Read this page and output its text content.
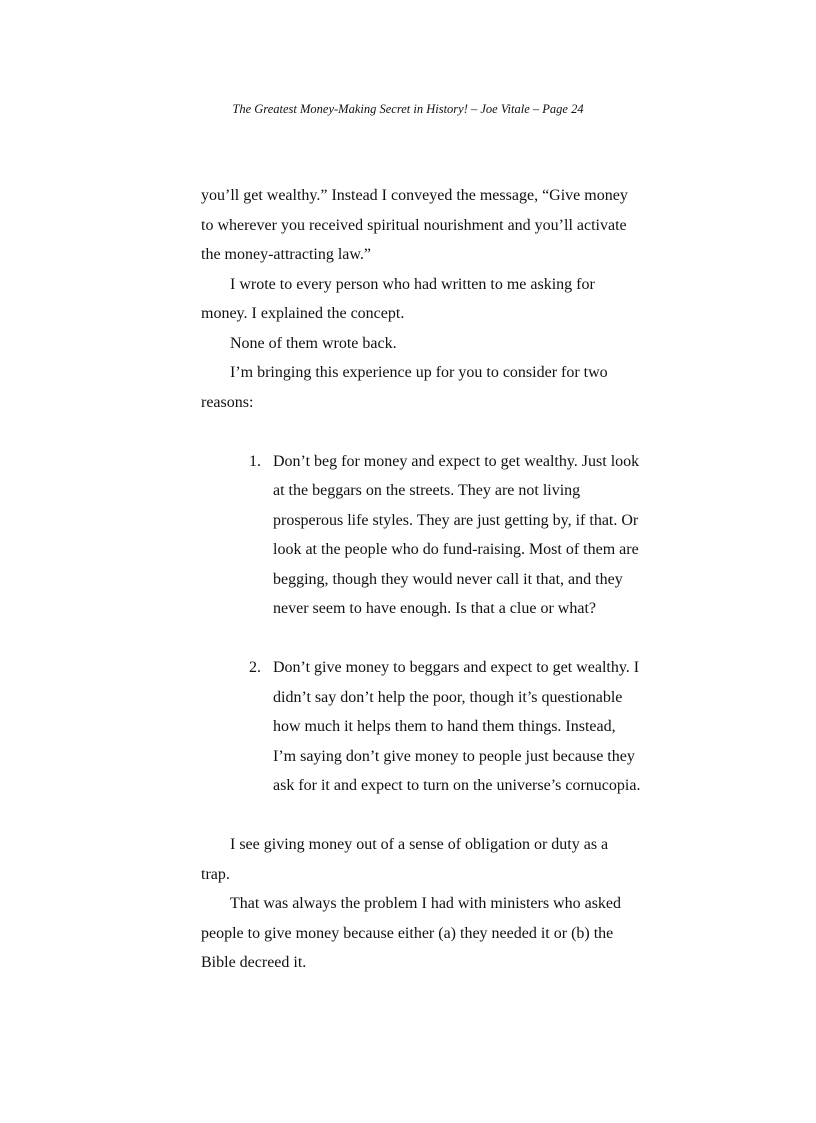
The Greatest Money-Making Secret in History! – Joe Vitale – Page 24
you’ll get wealthy.” Instead I conveyed the message, “Give money
to wherever you received spiritual nourishment and you’ll activate
the money-attracting law.”
I wrote to every person who had written to me asking for
money. I explained the concept.

None of them wrote back.

I’m bringing this experience up for you to consider for two
reasons:
1. Don’t beg for money and expect to get wealthy. Just look
at the beggars on the streets. They are not living
prosperous life styles. They are just getting by, if that. Or
look at the people who do fund-raising. Most of them are
begging, though they would never call it that, and they
never seem to have enough. Is that a clue or what?
2. Don’t give money to beggars and expect to get wealthy. I
didn’t say don’t help the poor, though it’s questionable
how much it helps them to hand them things. Instead,
I’m saying don’t give money to people just because they
ask for it and expect to turn on the universe’s cornucopia.

I see giving money out of a sense of obligation or duty as a trap.

That was always the problem I had with ministers who asked
people to give money because either (a) they needed it or (b) the
Bible decreed it.
